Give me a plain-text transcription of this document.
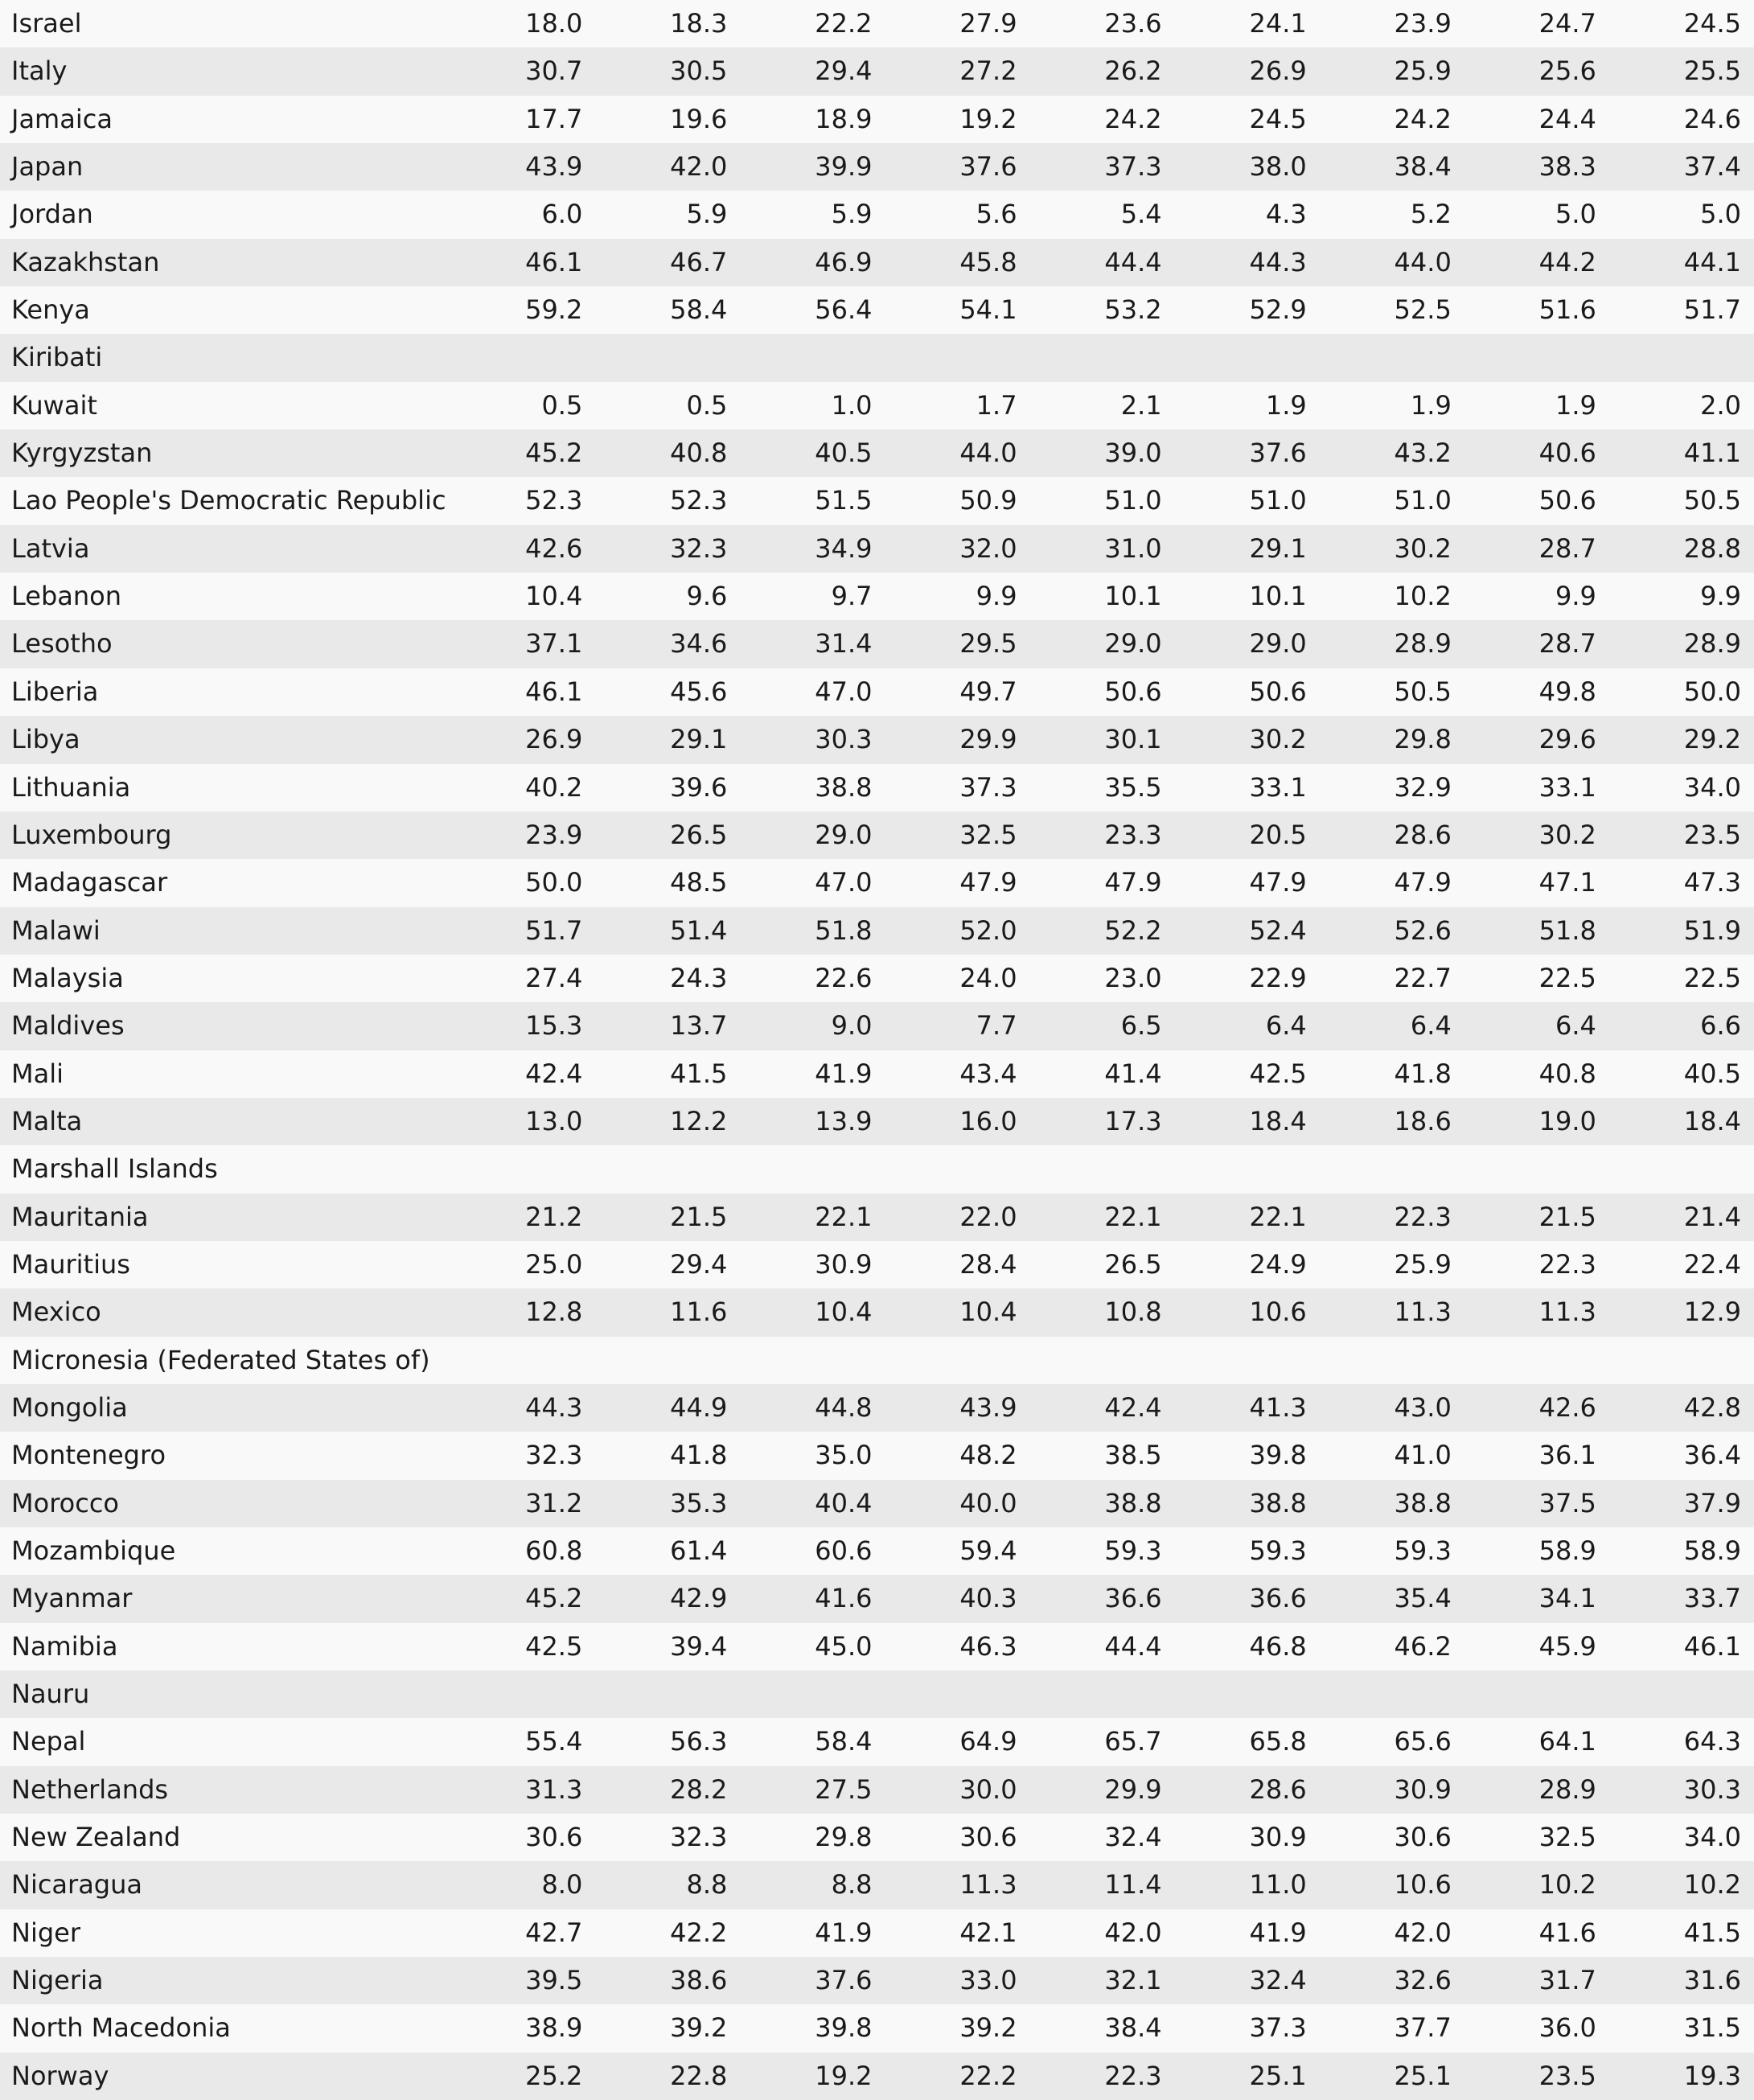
Israel	18.0	18.3	22.2	27.9	23.6	24.1	23.9	24.7	24.5
Italy	30.7	30.5	29.4	27.2	26.2	26.9	25.9	25.6	25.5
Jamaica	17.7	19.6	18.9	19.2	24.2	24.5	24.2	24.4	24.6
Japan	43.9	42.0	39.9	37.6	37.3	38.0	38.4	38.3	37.4
Jordan	6.0	5.9	5.9	5.6	5.4	4.3	5.2	5.0	5.0
Kazakhstan	46.1	46.7	46.9	45.8	44.4	44.3	44.0	44.2	44.1
Kenya	59.2	58.4	56.4	54.1	53.2	52.9	52.5	51.6	51.7
Kiribati									
Kuwait	0.5	0.5	1.0	1.7	2.1	1.9	1.9	1.9	2.0
Kyrgyzstan	45.2	40.8	40.5	44.0	39.0	37.6	43.2	40.6	41.1
Lao People's Democratic Republic	52.3	52.3	51.5	50.9	51.0	51.0	51.0	50.6	50.5
Latvia	42.6	32.3	34.9	32.0	31.0	29.1	30.2	28.7	28.8
Lebanon	10.4	9.6	9.7	9.9	10.1	10.1	10.2	9.9	9.9
Lesotho	37.1	34.6	31.4	29.5	29.0	29.0	28.9	28.7	28.9
Liberia	46.1	45.6	47.0	49.7	50.6	50.6	50.5	49.8	50.0
Libya	26.9	29.1	30.3	29.9	30.1	30.2	29.8	29.6	29.2
Lithuania	40.2	39.6	38.8	37.3	35.5	33.1	32.9	33.1	34.0
Luxembourg	23.9	26.5	29.0	32.5	23.3	20.5	28.6	30.2	23.5
Madagascar	50.0	48.5	47.0	47.9	47.9	47.9	47.9	47.1	47.3
Malawi	51.7	51.4	51.8	52.0	52.2	52.4	52.6	51.8	51.9
Malaysia	27.4	24.3	22.6	24.0	23.0	22.9	22.7	22.5	22.5
Maldives	15.3	13.7	9.0	7.7	6.5	6.4	6.4	6.4	6.6
Mali	42.4	41.5	41.9	43.4	41.4	42.5	41.8	40.8	40.5
Malta	13.0	12.2	13.9	16.0	17.3	18.4	18.6	19.0	18.4
Marshall Islands									
Mauritania	21.2	21.5	22.1	22.0	22.1	22.1	22.3	21.5	21.4
Mauritius	25.0	29.4	30.9	28.4	26.5	24.9	25.9	22.3	22.4
Mexico	12.8	11.6	10.4	10.4	10.8	10.6	11.3	11.3	12.9
Micronesia (Federated States of)									
Mongolia	44.3	44.9	44.8	43.9	42.4	41.3	43.0	42.6	42.8
Montenegro	32.3	41.8	35.0	48.2	38.5	39.8	41.0	36.1	36.4
Morocco	31.2	35.3	40.4	40.0	38.8	38.8	38.8	37.5	37.9
Mozambique	60.8	61.4	60.6	59.4	59.3	59.3	59.3	58.9	58.9
Myanmar	45.2	42.9	41.6	40.3	36.6	36.6	35.4	34.1	33.7
Namibia	42.5	39.4	45.0	46.3	44.4	46.8	46.2	45.9	46.1
Nauru									
Nepal	55.4	56.3	58.4	64.9	65.7	65.8	65.6	64.1	64.3
Netherlands	31.3	28.2	27.5	30.0	29.9	28.6	30.9	28.9	30.3
New Zealand	30.6	32.3	29.8	30.6	32.4	30.9	30.6	32.5	34.0
Nicaragua	8.0	8.8	8.8	11.3	11.4	11.0	10.6	10.2	10.2
Niger	42.7	42.2	41.9	42.1	42.0	41.9	42.0	41.6	41.5
Nigeria	39.5	38.6	37.6	33.0	32.1	32.4	32.6	31.7	31.6
North Macedonia	38.9	39.2	39.8	39.2	38.4	37.3	37.7	36.0	31.5
Norway	25.2	22.8	19.2	22.2	22.3	25.1	25.1	23.5	19.3
